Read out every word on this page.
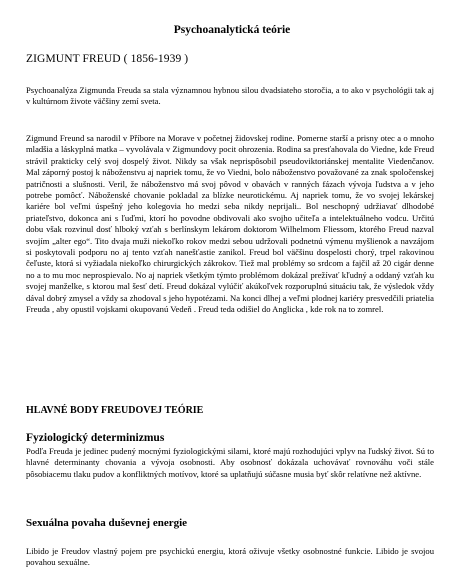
Psychoanalytická teórie
ZIGMUNT FREUD ( 1856-1939 )

Psychoanalýza Zigmunda Freuda sa stala významnou hybnou silou dvadsiateho storočia, a to ako v psychológii tak aj v kultúrnom živote väčšiny zemí sveta.

Zigmund Freund sa narodil v Příbore na Morave v početnej židovskej rodine. Pomerne starší a prisny otec a o mnoho mladšia a láskyplná matka – vyvolávala v Zigmundovy pocit ohrozenia. Rodina sa presťahovala do Viedne, kde Freud strávil prakticky celý svoj dospelý život. Nikdy sa však neprispôsobil pseudoviktoriánskej mentalite Viedenčanov. Mal záporný postoj k náboženstvu aj napriek tomu, že vo Viedni, bolo náboženstvo považované za znak spoločenskej patričnosti a slušnosti. Veril, že náboženstvo má svoj pôvod v obavách v ranných fázach vývoja ľudstva a v jeho potrebe pomôcť. Náboženské chovanie pokladal za blízke neurotickému. Aj napriek tomu, že vo svojej lekárskej kariére bol veľmi úspešný jeho kolegovia ho medzi seba nikdy neprijali.. Bol neschopný udržiavať dlhodobé priateľstvo, dokonca ani s ľuďmi, ktorí ho povodne obdivovali ako svojho učiteľa a intelektuálneho vodcu. Určitú dobu však rozvinul dosť hlboký vzťah s berlínskym lekárom doktorom Wilhelmom Fliessom, ktorého Freud nazval svojím „alter ego“. Tito dvaja muži niekoľko rokov medzi sebou udržovali podnetnú výmenu myšlienok a navzájom si poskytovali podporu no aj tento vzťah nanešťastie zanikol. Freud bol väčšinu dospelosti chorý, trpel rakovinou čeľuste, ktorá si vyžiadala niekoľko chirurgických zákrokov. Tiež mal problémy so srdcom a fajčil až 20 cigár denne no a to mu moc neprospievalo. No aj napriek všetkým týmto problémom dokázal prežívať kľudný a oddaný vzťah ku svojej manželke, s ktorou mal šesť detí. Freud dokázal vylúčiť akúkoľvek rozporuplnú situáciu tak, že výsledok vždy dával dobrý zmysel a vždy sa zhodoval s jeho hypotézami. Na konci dlhej a veľmi plodnej kariéry presvedčili priatelia Freuda , aby opustil vojskami okupovanú Vedeň . Freud teda odišiel do Anglicka , kde rok na to zomrel.

HLAVNÉ BODY FREUDOVEJ TEÓRIE
Fyziologický determinizmus

Podľa Freuda je jedinec pudený mocnými fyziologickými silami, ktoré majú rozhodujúci vplyv na ľudský život. Sú to hlavné determinanty chovania a vývoja osobnosti. Aby osobnosť dokázala uchovávať rovnováhu voči stále pôsobiacemu tlaku pudov a konfliktných motívov, ktoré sa uplatňujú súčasne musia byť skôr relatívne než aktívne.

Sexuálna povaha duševnej energie

Libido je Freudov vlastný pojem pre psychickú energiu, ktorá oživuje všetky osobnostné funkcie. Libido je svojou povahou sexuálne.
